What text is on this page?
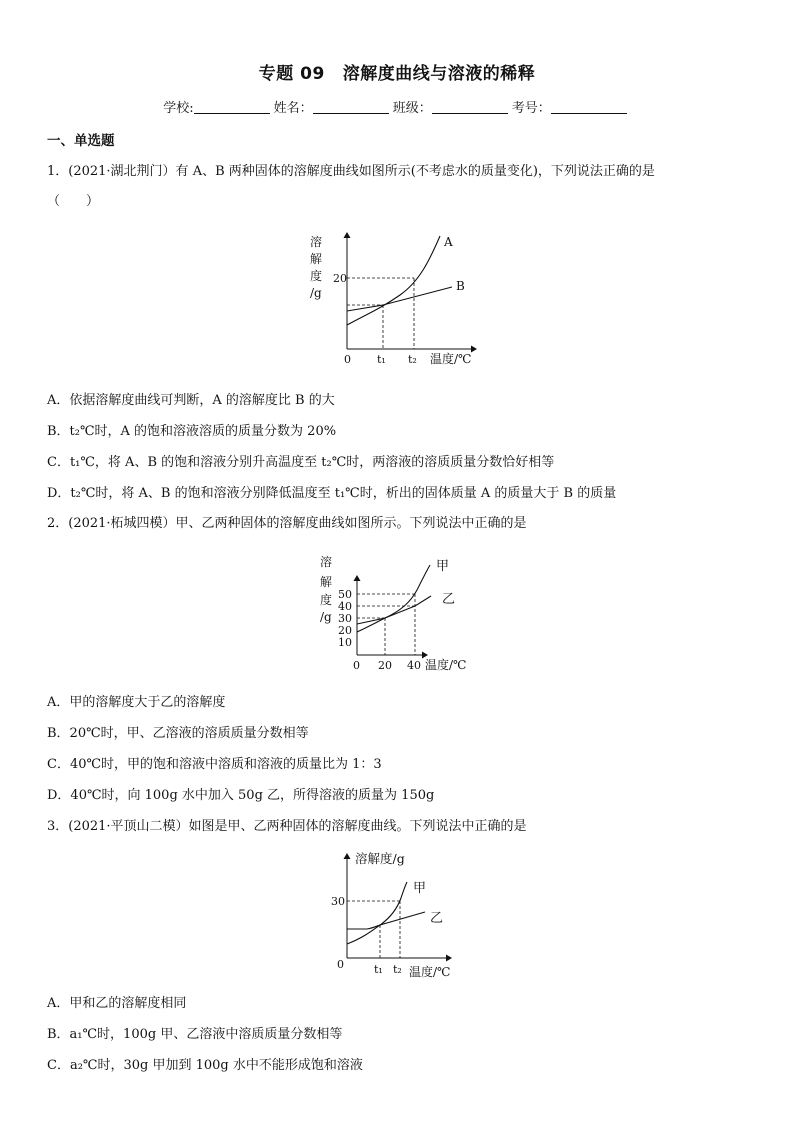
专题 09 溶解度曲线与溶液的稀释
学校:	姓名：	班级：	考号：
一、单选题
1．(2021·湖北荆门）有 A、B 两种固体的溶解度曲线如图所示(不考虑水的质量变化)，下列说法正确的是
（　　）
溶
解
度
/g
20
A
B
0 t₁ t₂ 温度/℃
A．依据溶解度曲线可判断，A 的溶解度比 B 的大
B．t₂℃时，A 的饱和溶液溶质的质量分数为 20%
C．t₁℃，将 A、B 的饱和溶液分别升高温度至 t₂℃时，两溶液的溶质质量分数恰好相等
D．t₂℃时，将 A、B 的饱和溶液分别降低温度至 t₁℃时，析出的固体质量 A 的质量大于 B 的质量
2．(2021·柘城四模）甲、乙两种固体的溶解度曲线如图所示。下列说法中正确的是
溶
解
度
/g
50
40
30
20
10
甲
乙
0 20 40 温度/℃
A．甲的溶解度大于乙的溶解度
B．20℃时，甲、乙溶液的溶质质量分数相等
C．40℃时，甲的饱和溶液中溶质和溶液的质量比为 1：3
D．40℃时，向 100g 水中加入 50g 乙，所得溶液的质量为 150g
3．(2021·平顶山二模）如图是甲、乙两种固体的溶解度曲线。下列说法中正确的是
溶解度/g
30
甲
乙
0	t₁ t₂ 温度/℃
A．甲和乙的溶解度相同
B．a₁℃时，100g 甲、乙溶液中溶质质量分数相等
C．a₂℃时，30g 甲加到 100g 水中不能形成饱和溶液
